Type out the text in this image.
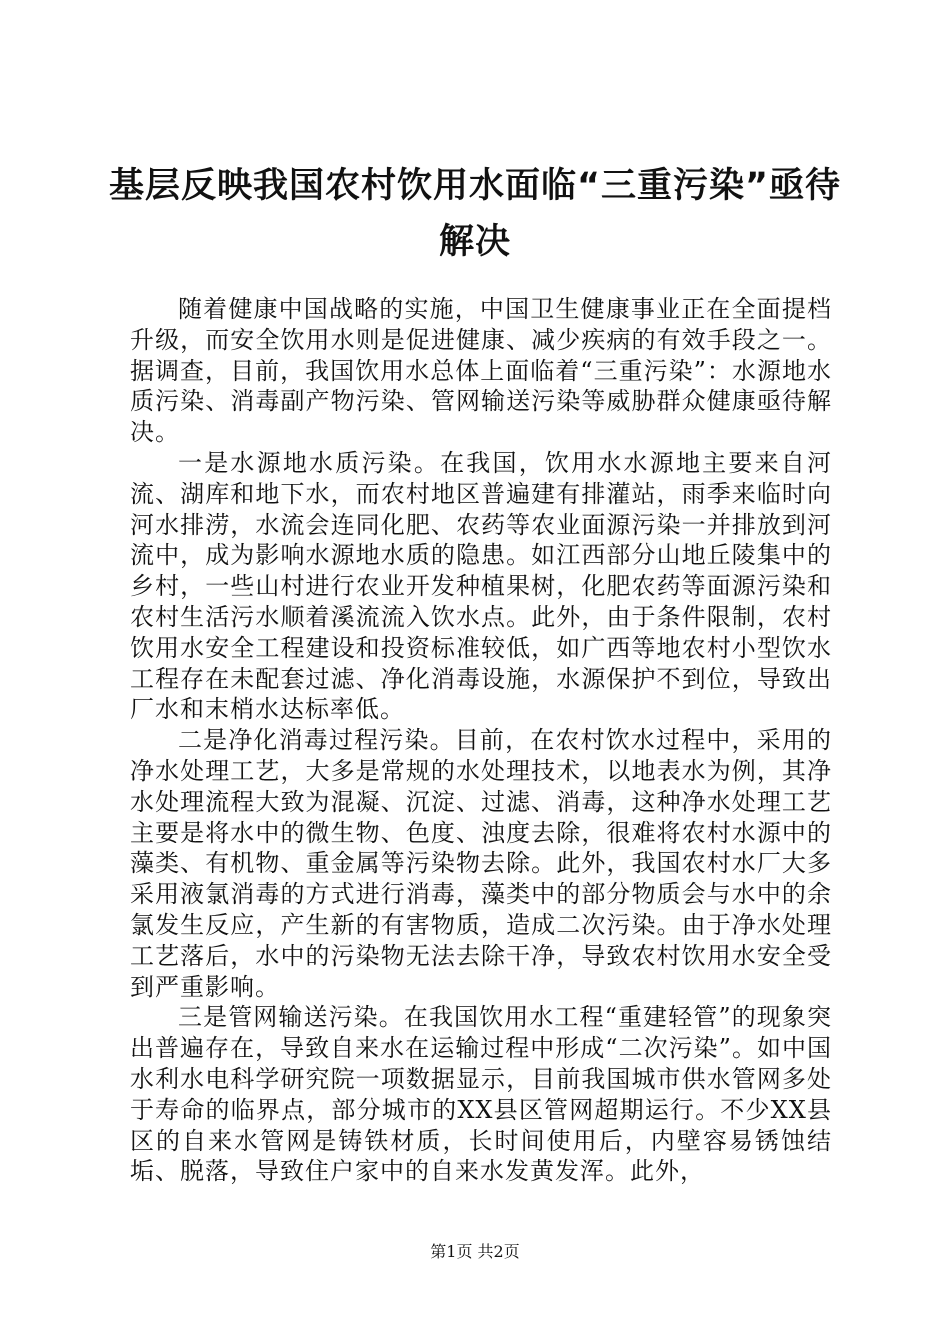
基层反映我国农村饮用水面临“三重污染”亟待解决

随着健康中国战略的实施，中国卫生健康事业正在全面提档升级，而安全饮用水则是促进健康、减少疾病的有效手段之一。据调查，目前，我国饮用水总体上面临着“三重污染”：水源地水质污染、消毒副产物污染、管网输送污染等威胁群众健康亟待解决。

一是水源地水质污染。在我国，饮用水水源地主要来自河流、湖库和地下水，而农村地区普遍建有排灌站，雨季来临时向河水排涝，水流会连同化肥、农药等农业面源污染一并排放到河流中，成为影响水源地水质的隐患。如江西部分山地丘陵集中的乡村，一些山村进行农业开发种植果树，化肥农药等面源污染和农村生活污水顺着溪流流入饮水点。此外，由于条件限制，农村饮用水安全工程建设和投资标准较低，如广西等地农村小型饮水工程存在未配套过滤、净化消毒设施，水源保护不到位，导致出厂水和末梢水达标率低。

二是净化消毒过程污染。目前，在农村饮水过程中，采用的净水处理工艺，大多是常规的水处理技术，以地表水为例，其净水处理流程大致为混凝、沉淀、过滤、消毒，这种净水处理工艺主要是将水中的微生物、色度、浊度去除，很难将农村水源中的藻类、有机物、重金属等污染物去除。此外，我国农村水厂大多采用液氯消毒的方式进行消毒，藻类中的部分物质会与水中的余氯发生反应，产生新的有害物质，造成二次污染。由于净水处理工艺落后，水中的污染物无法去除干净，导致农村饮用水安全受到严重影响。

三是管网输送污染。在我国饮用水工程“重建轻管”的现象突出普遍存在，导致自来水在运输过程中形成“二次污染”。如中国水利水电科学研究院一项数据显示，目前我国城市供水管网多处于寿命的临界点，部分城市的XX县区管网超期运行。不少XX县区的自来水管网是铸铁材质，长时间使用后，内壁容易锈蚀结垢、脱落，导致住户家中的自来水发黄发浑。此外，

第1页 共2页
